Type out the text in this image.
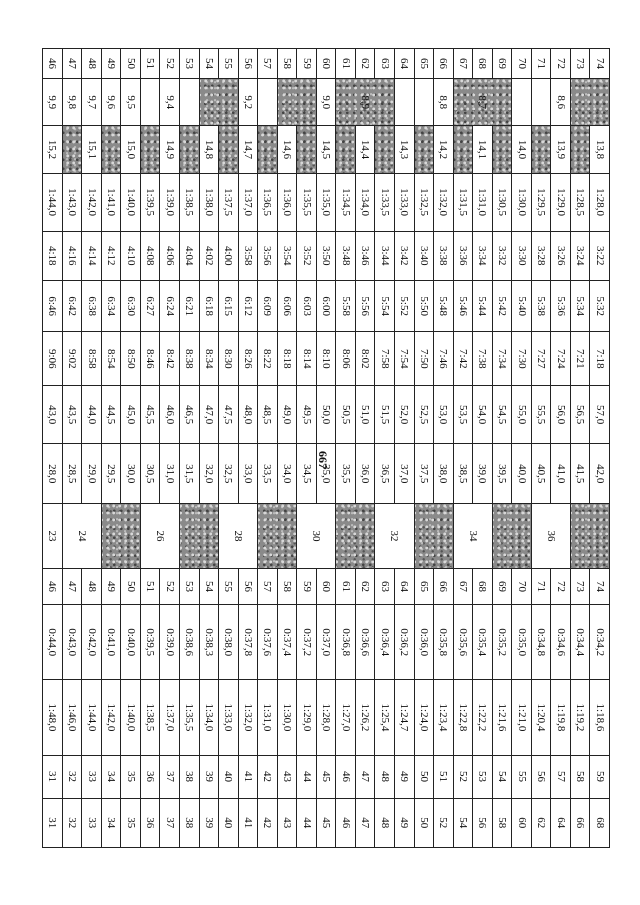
667
74		13,8	1:28,0	3:22	5:32	7:18	57,0	42,0		74	0:34,2	1:18,6	59	68
73			1:28,5	3:24	5:34	7:21	56,5	41,5		73	0:34,4	1:19,2	58	66
72	8,6	13,9	1:29,0	3:26	5:36	7:24	56,0	41,0	36	72	0:34,6	1:19,8	57	64
71			1:29,5	3:28	5:38	7:27	55,5	40,5		71	0:34,8	1:20,4	56	62
70		14,0	1:30,0	3:30	5:40	7:30	55,0	40,0		70	0:35,0	1:21,0	55	60
69	8,7		1:30,5	3:32	5:42	7:34	54,5	39,5		69	0:35,2	1:21,6	54	58
68		14,1	1:31,0	3:34	5:44	7:38	54,0	39,0	34	68	0:35,4	1:22,2	53	56
67			1:31,5	3:36	5:46	7:42	53,5	38,5		67	0:35,6	1:22,8	52	54
66	8,8	14,2	1:32,0	3:38	5:48	7:46	53,0	38,0		66	0:35,8	1:23,4	51	52
65			1:32,5	3:40	5:50	7:50	52,5	37,5		65	0:36,0	1:24,0	50	50
64		14,3	1:33,0	3:42	5:52	7:54	52,0	37,0	32	64	0:36,2	1:24,7	49	49
63	8,9		1:33,5	3:44	5:54	7:58	51,5	36,5		63	0:36,4	1:25,4	48	48
62		14,4	1:34,0	3:46	5:56	8:02	51,0	36,0		62	0:36,6	1:26,2	47	47
61			1:34,5	3:48	5:58	8:06	50,5	35,5		61	0:36,8	1:27,0	46	46
60	9,0	14,5	1:35,0	3:50	6:00	8:10	50,0	35,0	30	60	0:37,0	1:28,0	45	45
59			1:35,5	3:52	6:03	8:14	49,5	34,5		59	0:37,2	1:29,0	44	44
58		14,6	1:36,0	3:54	6:06	8:18	49,0	34,0		58	0:37,4	1:30,0	43	43
57			1:36,5	3:56	6:09	8:22	48,5	33,5		57	0:37,6	1:31,0	42	42
56	9,2	14,7	1:37,0	3:58	6:12	8:26	48,0	33,0	28	56	0:37,8	1:32,0	41	41
55			1:37,5	4:00	6:15	8:30	47,5	32,5		55	0:38,0	1:33,0	40	40
54		14,8	1:38,0	4:02	6:18	8:34	47,0	32,0		54	0:38,3	1:34,0	39	39
53			1:38,5	4:04	6:21	8:38	46,5	31,5		53	0:38,6	1:35,5	38	38
52	9,4	14,9	1:39,0	4:06	6:24	8:42	46,0	31,0	26	52	0:39,0	1:37,0	37	37
51			1:39,5	4:08	6:27	8:46	45,5	30,5		51	0:39,5	1:38,5	36	36
50	9,5	15,0	1:40,0	4:10	6:30	8:50	45,0	30,0		50	0:40,0	1:40,0	35	35
49	9,6		1:41,0	4:12	6:34	8:54	44,5	29,5		49	0:41,0	1:42,0	34	34
48	9,7	15,1	1:42,0	4:14	6:38	8:58	44,0	29,0	24	48	0:42,0	1:44,0	33	33
47	9,8		1:43,0	4:16	6:42	9:02	43,5	28,5		47	0:43,0	1:46,0	32	32
46	9,9	15,2	1:44,0	4:18	6:46	9:06	43,0	28,0	23	46	0:44,0	1:48,0	31	31
